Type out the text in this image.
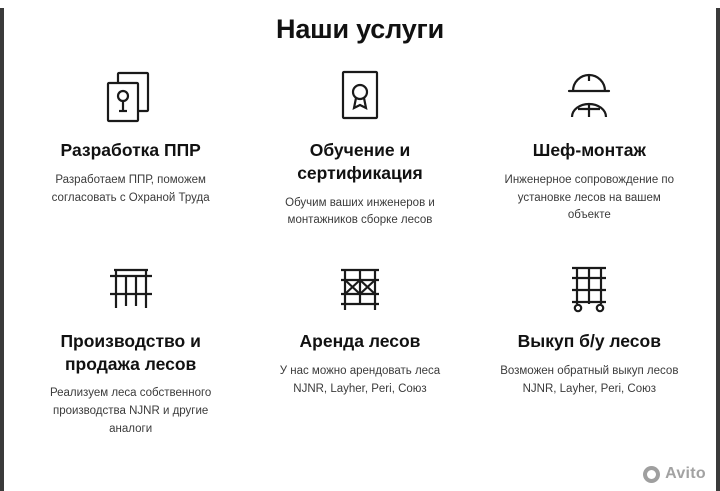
Наши услуги
Разработка ППР
Разработаем ППР, поможем согласовать с Охраной Труда
Обучение и сертификация
Обучим ваших инженеров и монтажников сборке лесов
Шеф-монтаж
Инженерное сопровождение по установке лесов на вашем объекте
Производство и продажа лесов
Реализуем леса собственного производства NJNR и другие аналоги
Аренда лесов
У нас можно арендовать леса NJNR, Layher, Peri, Союз
Выкуп б/у лесов
Возможен обратный выкуп лесов NJNR, Layher, Peri, Союз
Avito
